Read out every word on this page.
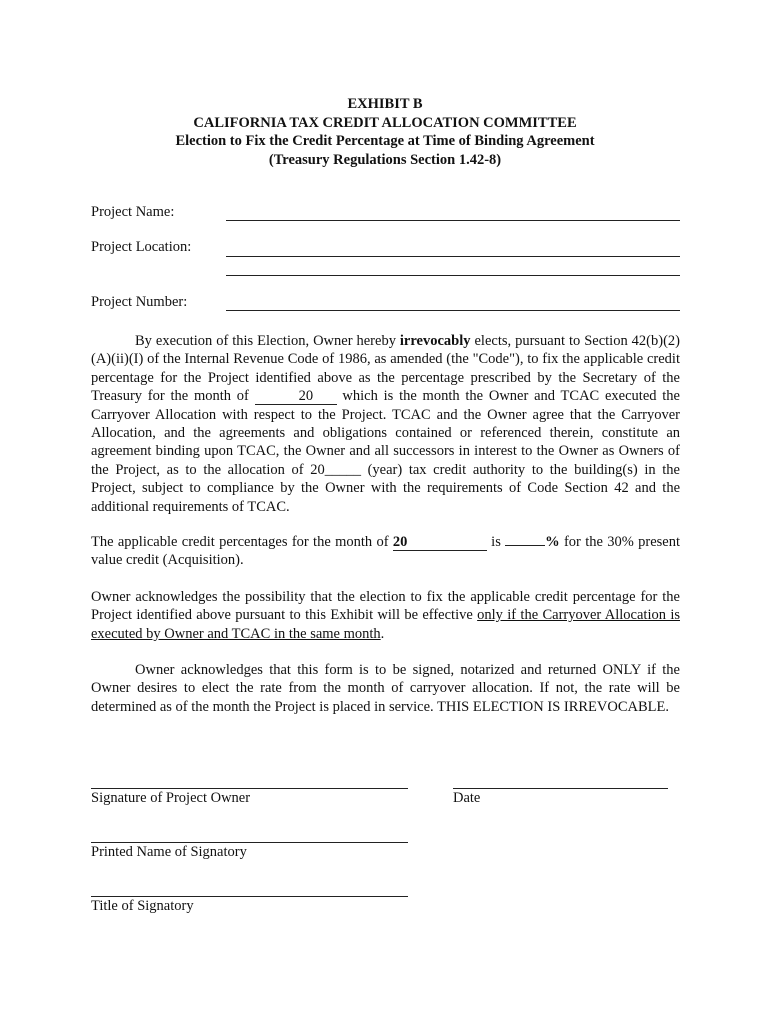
EXHIBIT B
CALIFORNIA TAX CREDIT ALLOCATION COMMITTEE
Election to Fix the Credit Percentage at Time of Binding Agreement
(Treasury Regulations Section 1.42-8)
Project Name:
Project Location:
Project Number:
By execution of this Election, Owner hereby irrevocably elects, pursuant to Section 42(b)(2)(A)(ii)(I) of the Internal Revenue Code of 1986, as amended (the "Code"), to fix the applicable credit percentage for the Project identified above as the percentage prescribed by the Secretary of the Treasury for the month of	20 which is the month the Owner and TCAC executed the Carryover Allocation with respect to the Project. TCAC and the Owner agree that the Carryover Allocation, and the agreements and obligations contained or referenced therein, constitute an agreement binding upon TCAC, the Owner and all successors in interest to the Owner as Owners of the Project, as to the allocation of 20_____ (year) tax credit authority to the building(s) in the Project, subject to compliance by the Owner with the requirements of Code Section 42 and the additional requirements of TCAC.
The applicable credit percentages for the month of 20	is	% for the 30% present value credit (Acquisition).
Owner acknowledges the possibility that the election to fix the applicable credit percentage for the Project identified above pursuant to this Exhibit will be effective only if the Carryover Allocation is executed by Owner and TCAC in the same month.
Owner acknowledges that this form is to be signed, notarized and returned ONLY if the Owner desires to elect the rate from the month of carryover allocation. If not, the rate will be determined as of the month the Project is placed in service. THIS ELECTION IS IRREVOCABLE.
Signature of Project Owner	Date
Printed Name of Signatory
Title of Signatory
